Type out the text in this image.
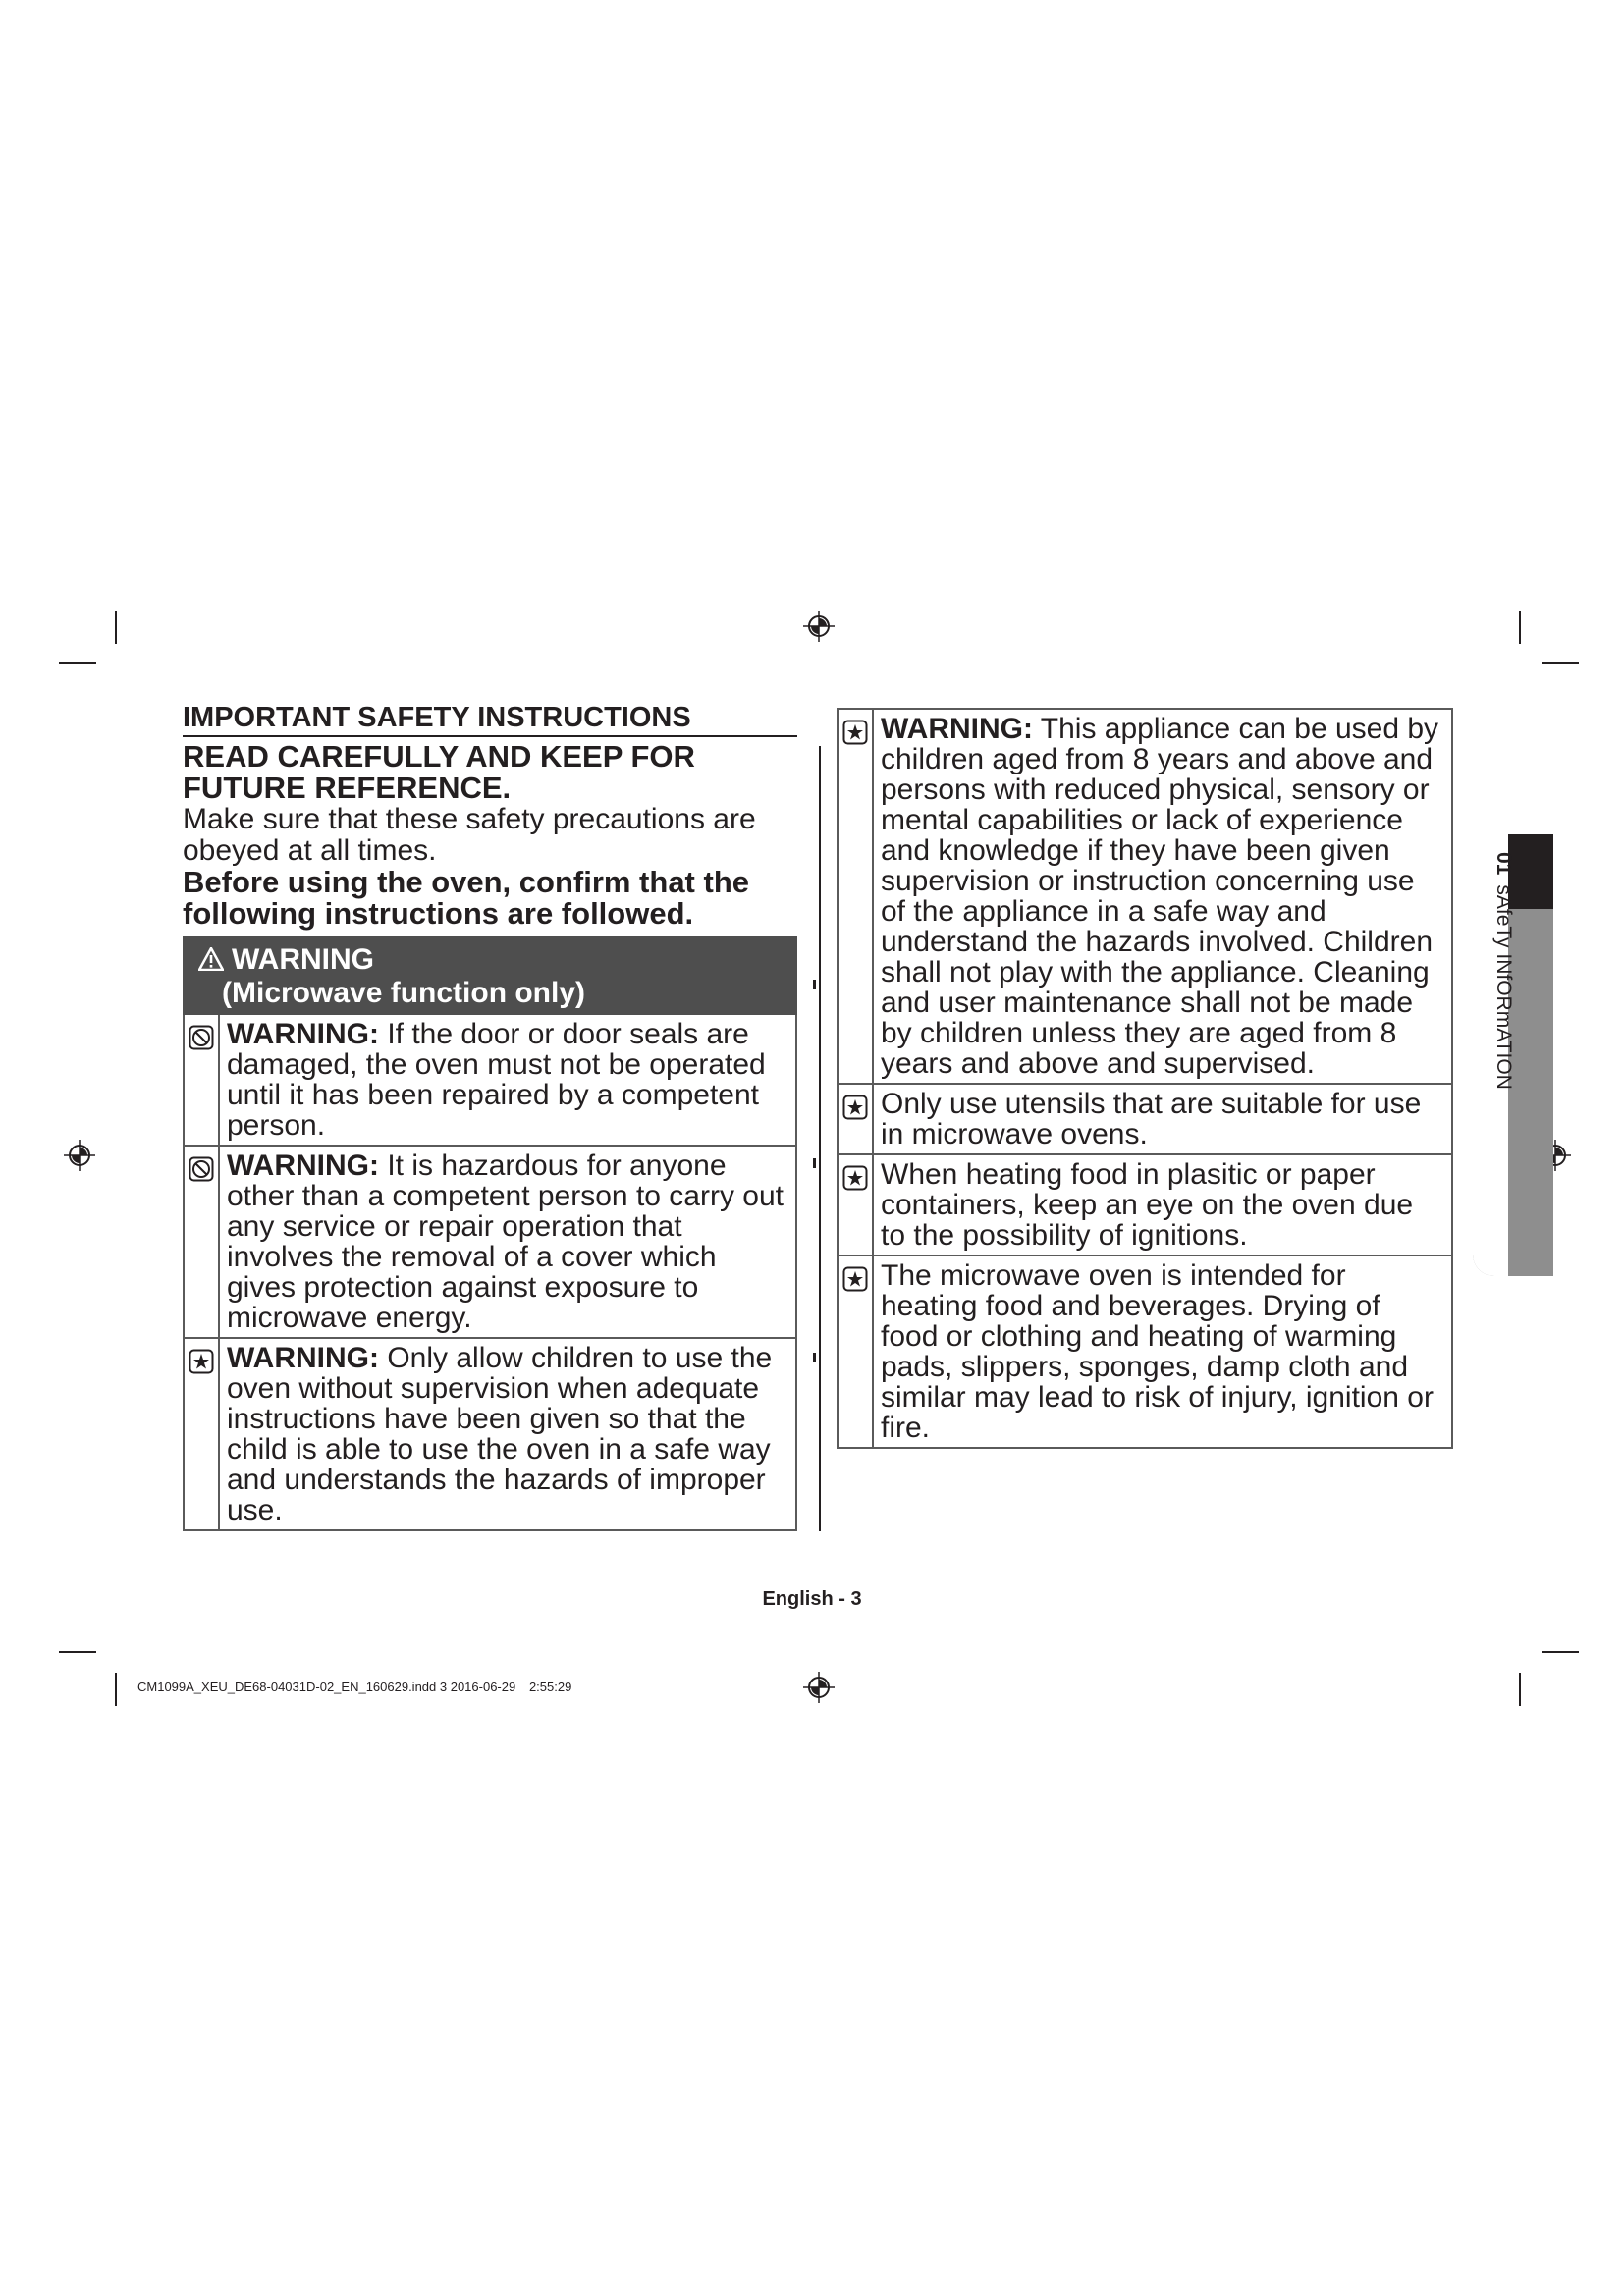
IMPORTANT SAFETY INSTRUCTIONS
READ CAREFULLY AND KEEP FOR FUTURE REFERENCE.
Make sure that these safety precautions are obeyed at all times.
Before using the oven, confirm that the following instructions are followed.
WARNING
(Microwave function only)
WARNING: If the door or door seals are damaged, the oven must not be operated until it has been repaired by a competent person.
WARNING: It is hazardous for anyone other than a competent person to carry out any service or repair operation that involves the removal of a cover which gives protection against exposure to microwave energy.
WARNING: Only allow children to use the oven without supervision when adequate instructions have been given so that the child is able to use the oven in a safe way and understands the hazards of improper use.
WARNING: This appliance can be used by children aged from 8 years and above and persons with reduced physical, sensory or mental capabilities or lack of experience and knowledge if they have been given supervision or instruction concerning use of the appliance in a safe way and understand the hazards involved. Children shall not play with the appliance. Cleaning and user maintenance shall not be made by children unless they are aged from 8 years and above and supervised.
Only use utensils that are suitable for use in microwave ovens.
When heating food in plasitic or paper containers, keep an eye on the oven due to the possibility of ignitions.
The microwave oven is intended for heating food and beverages. Drying of food or clothing and heating of warming pads, slippers, sponges, damp cloth and similar may lead to risk of injury, ignition or fire.
01sAfeTy INfORmATION
English - 3
CM1099A_XEU_DE68-04031D-02_EN_160629.indd 3 2016-06-29   2:55:29
